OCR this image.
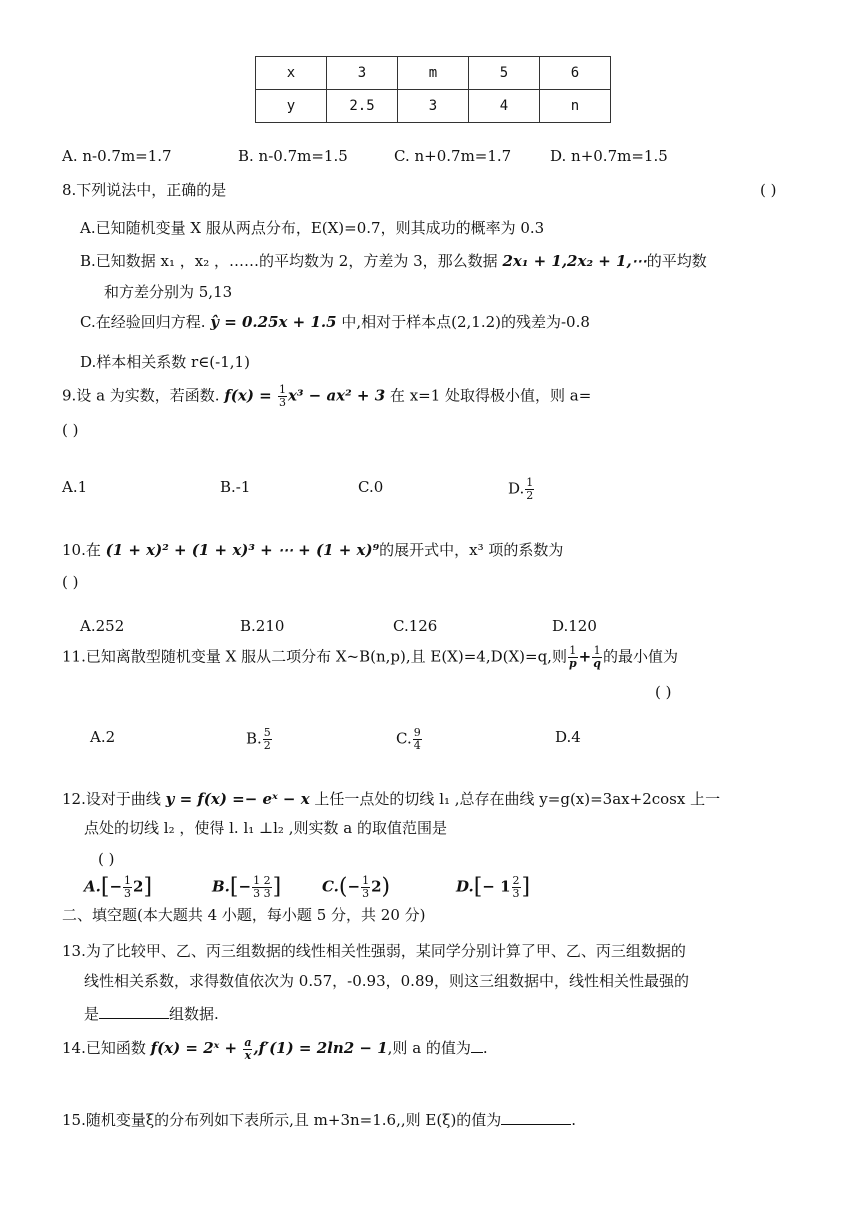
x	3	m	5	6
y	2.5	3	4	n
A. n-0.7m=1.7	B. n-0.7m=1.5	C. n+0.7m=1.7	D. n+0.7m=1.5
8.下列说法中，正确的是	( )
A.已知随机变量 X 服从两点分布，E(X)=0.7，则其成功的概率为 0.3
B.已知数据 x₁ ，x₂ ，……的平均数为 2，方差为 3，那么数据 2x₁ + 1,2x₂ + 1,⋯的平均数
和方差分别为 5,13
C.在经验回归方程. ŷ = 0.25x + 1.5 中,相对于样本点(2,1.2)的残差为-0.8
D.样本相关系数 r∈(-1,1)
9.设 a 为实数，若函数. $f(x) = \frac{1}{3} x^3 - ax^2 + 3$ 在 x=1 处取得极小值，则 a=
( )
A.1	B.-1	C.0	D. $\frac{1}{2}$
10.在 (1 + x)² + (1 + x)³ + ⋯ + (1 + x)⁹的展开式中，x³ 项的系数为
( )
A.252	B.210	C.126	D.120
11.已知离散型随机变量 X 服从二项分布 X~B(n,p),且 E(X)=4,D(X)=q,则 $\frac{1}{p} + \frac{1}{q}$ 的最小值为
( )
A.2	B. $\frac{5}{2}$	C. $\frac{9}{4}$	D.4
12.设对于曲线 y = f(x) =− eˣ − x 上任一点处的切线 l₁ ,总存在曲线 y=g(x)=3ax+2cosx 上一
点处的切线 l₂ ，使得 l. l₁ ⊥l₂ ,则实数 a 的取值范围是
( )
$A.[- \frac{1}{3} 2]$	$B.[- \frac{1 2}{3 3}$ ]	$C.(- \frac{1}{3} 2)$	$D.[- 1 \frac{2}{3}$ ]
二、填空题(本大题共 4 小题，每小题 5 分，共 20 分)
13.为了比较甲、乙、丙三组数据的线性相关性强弱，某同学分别计算了甲、乙、丙三组数据的
线性相关系数，求得数值依次为 0.57，-0.93，0.89，则这三组数据中，线性相关性最强的
是	组数据.
14.已知函数 f(x) = 2ˣ + $\frac{a}{x} ,f'(1) = 2\ln 2 - 1$,则 a 的值为 .
15.随机变量ξ的分布列如下表所示,且 m+3n=1.6,,则 E(ξ)的值为	.
